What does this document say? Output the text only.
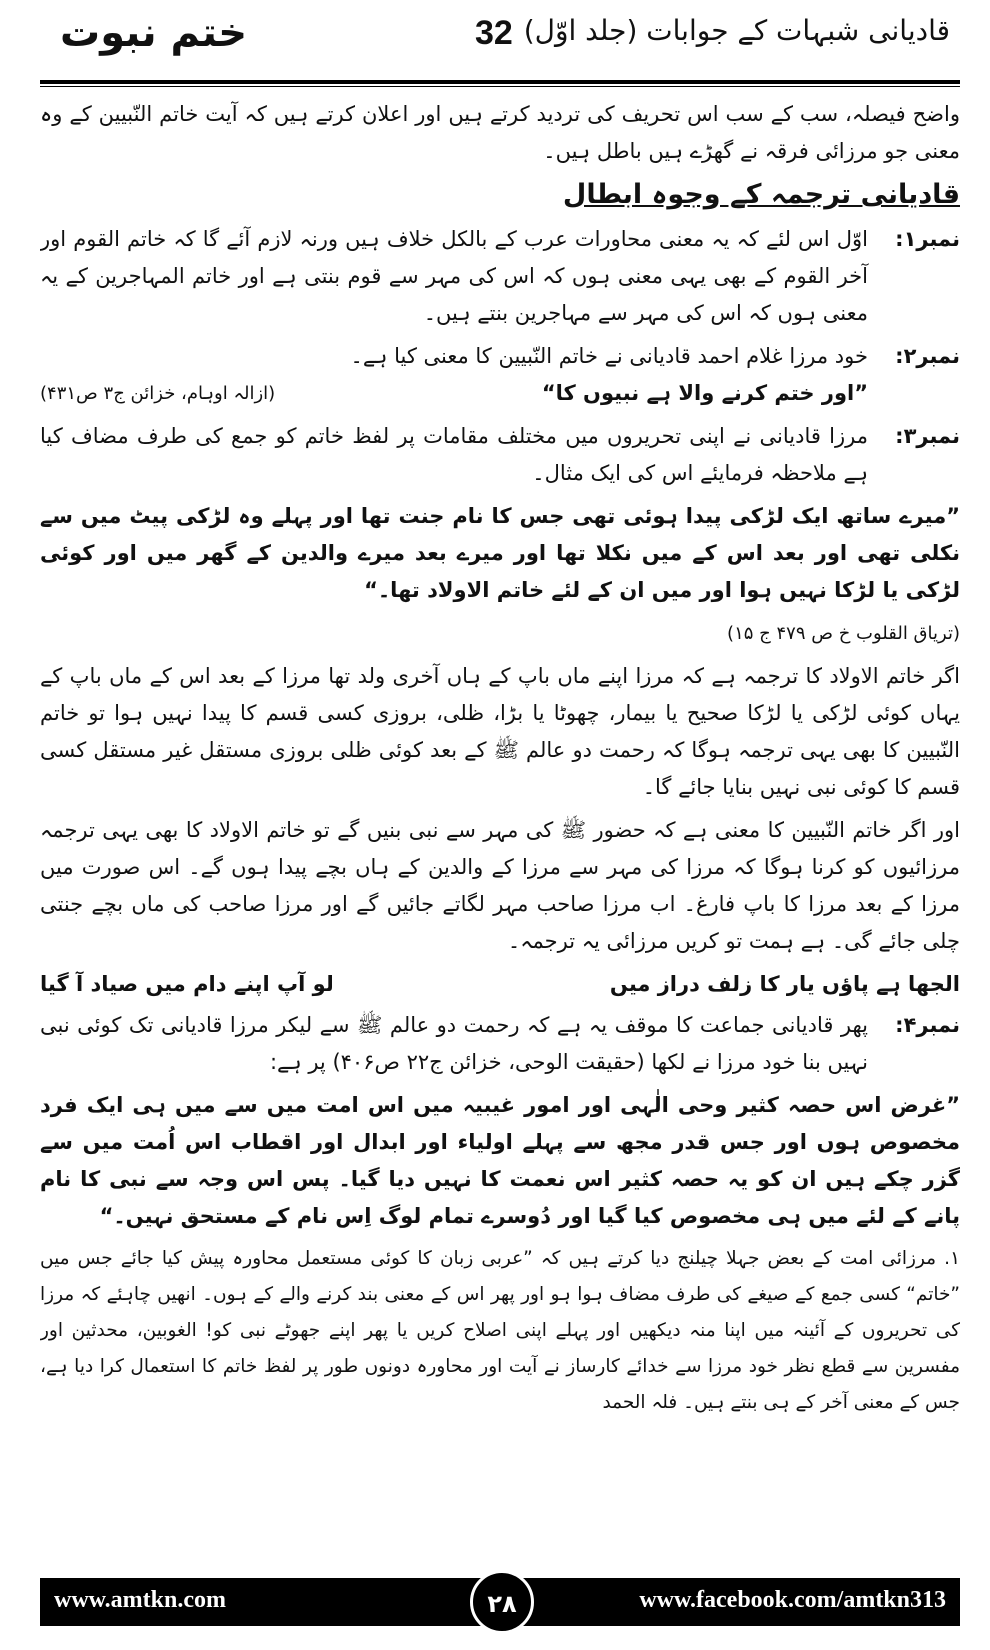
ختم نبوت	32 قادیانی شبہات کے جوابات (جلد اوّل)

واضح فیصلہ، سب کے سب اس تحریف کی تردید کرتے ہیں اور اعلان کرتے ہیں کہ آیت خاتم النّبیین کے وہ معنی جو مرزائی فرقہ نے گھڑے ہیں باطل ہیں۔

قادیانی ترجمہ کے وجوہ ابطال
نمبر۱:
اوّل اس لئے کہ یہ معنی محاورات عرب کے بالکل خلاف ہیں ورنہ لازم آئے گا کہ خاتم القوم اور آخر القوم کے بھی یہی معنی ہوں کہ اس کی مہر سے قوم بنتی ہے اور خاتم المہاجرین کے یہ معنی ہوں کہ اس کی مہر سے مہاجرین بنتے ہیں۔
نمبر۲:
خود مرزا غلام احمد قادیانی نے خاتم النّبیین کا معنی کیا ہے۔
”اور ختم کرنے والا ہے نبیوں کا“
(ازالہ اوہام، خزائن ج۳ ص۴۳۱)
نمبر۳:
مرزا قادیانی نے اپنی تحریروں میں مختلف مقامات پر لفظ خاتم کو جمع کی طرف مضاف کیا ہے ملاحظہ فرمایئے اس کی ایک مثال۔

”میرے ساتھ ایک لڑکی پیدا ہوئی تھی جس کا نام جنت تھا اور پہلے وہ لڑکی پیٹ میں سے نکلی تھی اور بعد اس کے میں نکلا تھا اور میرے بعد میرے والدین کے گھر میں اور کوئی لڑکی یا لڑکا نہیں ہوا اور میں ان کے لئے خاتم الاولاد تھا۔“

(تریاق القلوب خ ص ۴۷۹ ج ۱۵)

اگر خاتم الاولاد کا ترجمہ ہے کہ مرزا اپنے ماں باپ کے ہاں آخری ولد تھا مرزا کے بعد اس کے ماں باپ کے یہاں کوئی لڑکی یا لڑکا صحیح یا بیمار، چھوٹا یا بڑا، ظلی، بروزی کسی قسم کا پیدا نہیں ہوا تو خاتم النّبیین کا بھی یہی ترجمہ ہوگا کہ رحمت دو عالم ﷺ کے بعد کوئی ظلی بروزی مستقل غیر مستقل کسی قسم کا کوئی نبی نہیں بنایا جائے گا۔

اور اگر خاتم النّبیین کا معنی ہے کہ حضور ﷺ کی مہر سے نبی بنیں گے تو خاتم الاولاد کا بھی یہی ترجمہ مرزائیوں کو کرنا ہوگا کہ مرزا کی مہر سے مرزا کے والدین کے ہاں بچے پیدا ہوں گے۔ اس صورت میں مرزا کے بعد مرزا کا باپ فارغ۔ اب مرزا صاحب مہر لگاتے جائیں گے اور مرزا صاحب کی ماں بچے جنتی چلی جائے گی۔ ہے ہمت تو کریں مرزائی یہ ترجمہ۔

الجھا ہے پاؤں یار کا زلف دراز میں
لو آپ اپنے دام میں صیاد آ گیا
نمبر۴:
پھر قادیانی جماعت کا موقف یہ ہے کہ رحمت دو عالم ﷺ سے لیکر مرزا قادیانی تک کوئی نبی نہیں بنا خود مرزا نے لکھا (حقیقت الوحی، خزائن ج۲۲ ص۴۰۶) پر ہے:

”غرض اس حصہ کثیر وحی الٰہی اور امور غیبیہ میں اس امت میں سے میں ہی ایک فرد مخصوص ہوں اور جس قدر مجھ سے پہلے اولیاء اور ابدال اور اقطاب اس اُمت میں سے گزر چکے ہیں ان کو یہ حصہ کثیر اس نعمت کا نہیں دیا گیا۔ پس اس وجہ سے نبی کا نام پانے کے لئے میں ہی مخصوص کیا گیا اور دُوسرے تمام لوگ اِس نام کے مستحق نہیں۔“

۱. مرزائی امت کے بعض جہلا چیلنج دیا کرتے ہیں کہ ”عربی زبان کا کوئی مستعمل محاورہ پیش کیا جائے جس میں ”خاتم“ کسی جمع کے صیغے کی طرف مضاف ہوا ہو اور پھر اس کے معنی بند کرنے والے کے ہوں۔ انھیں چاہئے کہ مرزا کی تحریروں کے آئینہ میں اپنا منہ دیکھیں اور پہلے اپنی اصلاح کریں یا پھر اپنے جھوٹے نبی کو! الغوبین، محدثین اور مفسرین سے قطع نظر خود مرزا سے خدائے کارساز نے آیت اور محاورہ دونوں طور پر لفظ خاتم کا استعمال کرا دیا ہے، جس کے معنی آخر کے ہی بنتے ہیں۔ فلہ الحمد

www.amtkn.com	۲۸	www.facebook.com/amtkn313
